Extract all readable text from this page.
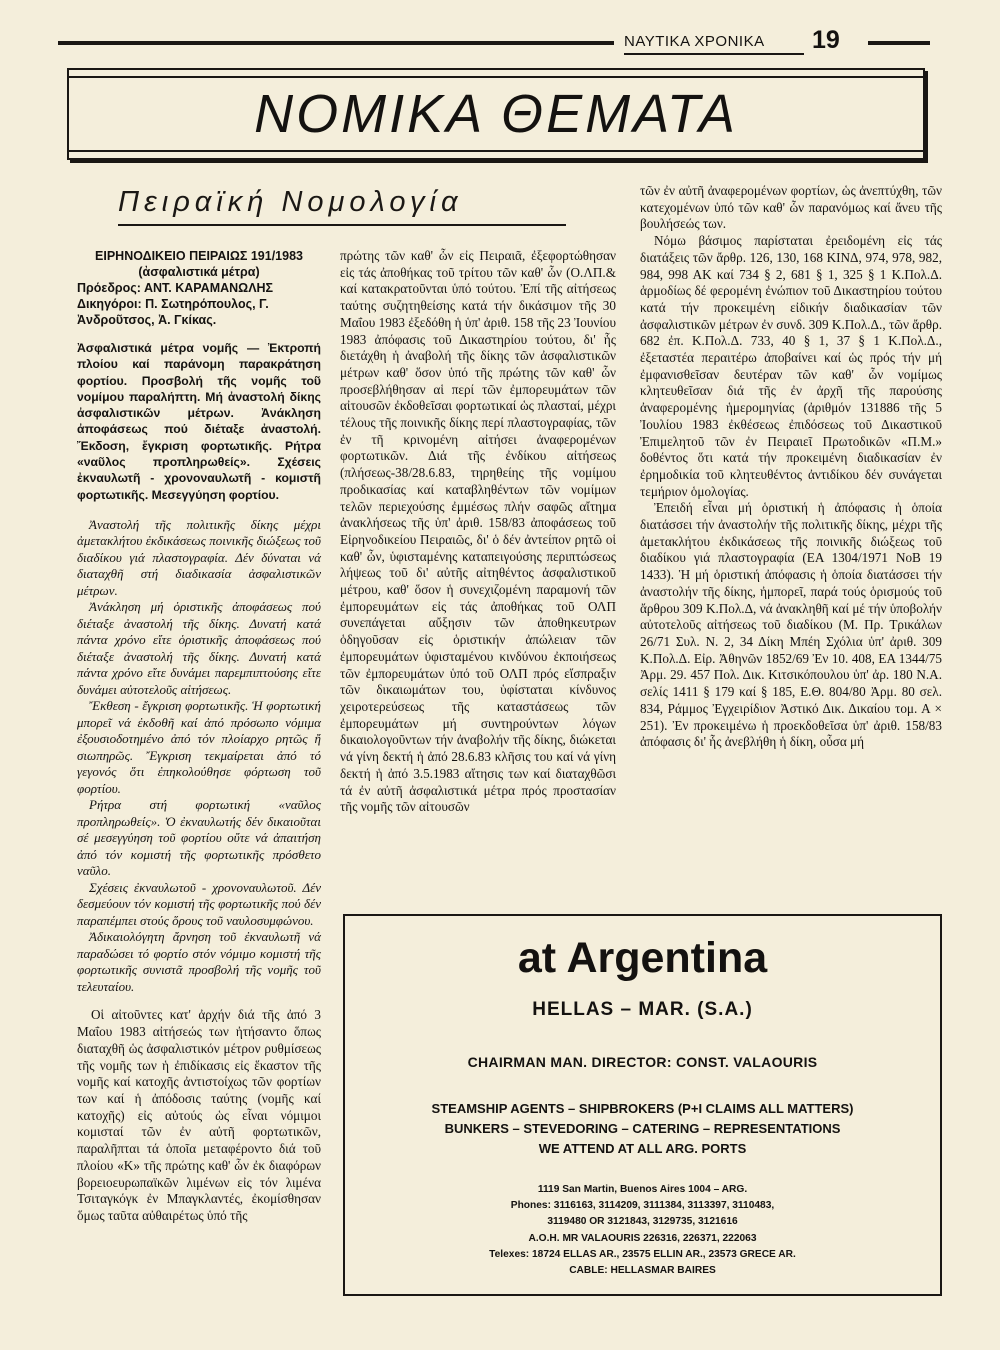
ΝΑΥΤΙΚΑ ΧΡΟΝΙΚΑ 19
ΝΟΜΙΚΑ ΘΕΜΑΤΑ
Πειραϊκή Νομολογία
ΕΙΡΗΝΟΔΙΚΕΙΟ ΠΕΙΡΑΙΩΣ 191/1983
(ἀσφαλιστικά μέτρα)
Πρόεδρος: ΑΝΤ. ΚΑΡΑΜΑΝΩΛΗΣ
Δικηγόροι: Π. Σωτηρόπουλος, Γ. Ἀνδροῦτσος, Ἀ. Γκίκας.
Ἀσφαλιστικά μέτρα νομῆς — Ἐκτροπή πλοίου καί παράνομη παρακράτηση φορτίου. Προσβολή τῆς νομῆς τοῦ νομίμου παραλήπτη. Μή ἀναστολή δίκης ἀσφαλιστικῶν μέτρων. Ἀνάκληση ἀποφάσεως πού διέταξε ἀναστολή. Ἔκδοση, ἔγκριση φορτωτικῆς. Ρήτρα «ναῦλος προπληρωθείς». Σχέσεις ἐκναυλωτῆ - χρονοναυλωτῆ - κομιστῆ φορτωτικῆς. Μεσεγγύηση φορτίου.

Ἀναστολή τῆς πολιτικῆς δίκης μέχρι ἀμετακλήτου ἐκδικάσεως ποινικῆς διώξεως τοῦ διαδίκου γιά πλαστογραφία. Δέν δύναται νά διαταχθῆ στή διαδικασία ἀσφαλιστικῶν μέτρων.

Ἀνάκληση μή ὁριστικῆς ἀποφάσεως πού διέταξε ἀναστολή τῆς δίκης. Δυνατή κατά πάντα χρόνο εἴτε ὁριστικῆς ἀποφάσεως πού διέταξε ἀναστολή τῆς δίκης. Δυνατή κατά πάντα χρόνο εἴτε δυνάμει παρεμπιπτούσης εἴτε δυνάμει αὐτοτελοῦς αἰτήσεως.

Ἔκθεση - ἔγκριση φορτωτικῆς. Ἡ φορτωτική μπορεῖ νά ἐκδοθῆ καί ἀπό πρόσωπο νόμιμα ἐξουσιοδοτημένο ἀπό τόν πλοίαρχο ρητῶς ἤ σιωπηρῶς. Ἔγκριση τεκμαίρεται ἀπό τό γεγονός ὅτι ἐπηκολούθησε φόρτωση τοῦ φορτίου.

Ρήτρα στή φορτωτική «ναῦλος προπληρωθείς». Ὁ ἐκναυλωτής δέν δικαιοῦται σέ μεσεγγύηση τοῦ φορτίου οὔτε νά ἀπαιτήση ἀπό τόν κομιστή τῆς φορτωτικῆς πρόσθετο ναῦλο.

Σχέσεις ἐκναυλωτοῦ - χρονοναυλωτοῦ. Δέν δεσμεύουν τόν κομιστή τῆς φορτωτικῆς πού δέν παραπέμπει στούς ὅρους τοῦ ναυλοσυμφώνου.

Ἀδικαιολόγητη ἄρνηση τοῦ ἐκναυλωτῆ νά παραδώσει τό φορτίο στόν νόμιμο κομιστή τῆς φορτωτικῆς συνιστᾶ προσβολή τῆς νομῆς τοῦ τελευταίου.

Οἱ αἰτοῦντες κατ' ἀρχήν διά τῆς ἀπό 3 Μαΐου 1983 αἰτήσεώς των ἠτήσαντο ὅπως διαταχθῆ ὡς ἀσφαλιστικόν μέτρον ρυθμίσεως τῆς νομῆς των ἡ ἐπιδίκασις εἰς ἕκαστον τῆς νομῆς καί κατοχῆς ἀντιστοίχως τῶν φορτίων των καί ἡ ἀπόδοσις ταύτης (νομῆς καί κατοχῆς) εἰς αὐτούς ὡς εἶναι νόμιμοι κομισταί τῶν ἐν αὐτῆ φορτωτικῶν, παραλῆπται τά ὁποῖα μεταφέροντο διά τοῦ πλοίου «Κ» τῆς πρώτης καθ' ὧν ἐκ διαφόρων βορειοευρωπαϊκῶν λιμένων εἰς τόν λιμένα Τσιταγκόγκ ἐν Μπαγκλαντές, ἐκομίσθησαν ὅμως ταῦτα αὐθαιρέτως ὑπό τῆς

πρώτης τῶν καθ' ὧν εἰς Πειραιᾶ, ἐξεφορτώθησαν εἰς τάς ἀποθήκας τοῦ τρίτου τῶν καθ' ὧν (Ο.ΛΠ.& καί κατακρατοῦνται ὑπό τούτου. Ἐπί τῆς αἰτήσεως ταύτης συζητηθείσης κατά τήν δικάσιμον τῆς 30 Μαΐου 1983 ἐξεδόθη ἡ ὑπ' ἀριθ. 158 τῆς 23 Ἰουνίου 1983 ἀπόφασις τοῦ Δικαστηρίου τούτου, δι' ἧς διετάχθη ἡ ἀναβολή τῆς δίκης τῶν ἀσφαλιστικῶν μέτρων καθ' ὅσον ὑπό τῆς πρώτης τῶν καθ' ὧν προσεβλήθησαν αἱ περί τῶν ἐμπορευμάτων τῶν αἰτουσῶν ἐκδοθεῖσαι φορτωτικαί ὡς πλασταί, μέχρι τέλους τῆς ποινικῆς δίκης περί πλαστογραφίας, τῶν ἐν τῆ κρινομένη αἰτήσει ἀναφερομένων φορτωτικῶν. Διά τῆς ἐνδίκου αἰτήσεως (πλήσεως-38/28.6.83, τηρηθείης τῆς νομίμου προδικασίας καί καταβληθέντων τῶν νομίμων τελῶν περιεχούσης ἐμμέσως πλήν σαφῶς αἴτημα ἀνακλήσεως τῆς ὑπ' ἀριθ. 158/83 ἀποφάσεως τοῦ Εἰρηνοδικείου Πειραιῶς, δι' ὁ δέν ἀντείπον ρητῶ οἱ καθ' ὧν, ὑφισταμένης καταπειγούσης περιπτώσεως λήψεως τοῦ δι' αὐτῆς αἰτηθέντος ἀσφαλιστικοῦ μέτρου, καθ' ὅσον ἡ συνεχιζομένη παραμονή τῶν ἐμπορευμάτων εἰς τάς ἀποθήκας τοῦ ΟΛΠ συνεπάγεται αὔξησιν τῶν ἀποθηκευτρων ὁδηγοῦσαν εἰς ὁριστικήν ἀπώλειαν τῶν ἐμπορευμάτων ὑφισταμένου κινδύνου ἐκποιήσεως τῶν ἐμπορευμάτων ὑπό τοῦ ΟΛΠ πρός εἴσπραξιν τῶν δικαιωμάτων του, ὑφίσταται κίνδυνος χειροτερεύσεως τῆς καταστάσεως τῶν ἐμπορευμάτων μή συντηρούντων λόγων δικαιολογοῦντων τήν ἀναβολήν τῆς δίκης, διώκεται νά γίνη δεκτή ἡ ἀπό 28.6.83 κλῆσις του καί νά γίνη δεκτή ἡ ἀπό 3.5.1983 αἴτησις των καί διαταχθῶσι τά ἐν αὐτῆ ἀσφαλιστικά μέτρα πρός προστασίαν τῆς νομῆς τῶν αἰτουσῶν

τῶν ἐν αὐτῆ ἀναφερομένων φορτίων, ὡς ἀνεπτύχθη, τῶν κατεχομένων ὑπό τῶν καθ' ὧν παρανόμως καί ἄνευ τῆς βουλήσεώς των.

Νόμω βάσιμος παρίσταται ἐρειδομένη εἰς τάς διατάξεις τῶν ἄρθρ. 126, 130, 168 ΚΙΝΔ, 974, 978, 982, 984, 998 ΑΚ καί 734 § 2, 681 § 1, 325 § 1 Κ.Πολ.Δ. ἁρμοδίως δέ φερομένη ἐνώπιον τοῦ Δικαστηρίου τούτου κατά τήν προκειμένη εἰδικήν διαδικασίαν τῶν ἀσφαλιστικῶν μέτρων ἐν συνδ. 309 Κ.Πολ.Δ., τῶν ἄρθρ. 682 ἐπ. Κ.Πολ.Δ. 733, 40 § 1, 37 § 1 Κ.Πολ.Δ., ἐξεταστέα περαιτέρω ἀποβαίνει καί ὡς πρός τήν μή ἐμφανισθεῖσαν δευτέραν τῶν καθ' ὧν νομίμως κλητευθεῖσαν διά τῆς ἐν ἀρχῆ τῆς παρούσης ἀναφερομένης ἡμερομηνίας (ἀριθμόν 131886 τῆς 5 Ἰουλίου 1983 ἐκθέσεως ἐπιδόσεως τοῦ Δικαστικοῦ Ἐπιμελητοῦ τῶν ἐν Πειραιεῖ Πρωτοδικῶν «Π.Μ.» δοθέντος ὅτι κατά τήν προκειμένη διαδικασίαν ἐν ἐρημοδικία τοῦ κλητευθέντος ἀντιδίκου δέν συνάγεται τεμήριον ὁμολογίας.

Ἐπειδή εἶναι μή ὁριστική ἡ ἀπόφασις ἡ ὁποία διατάσσει τήν ἀναστολήν τῆς πολιτικῆς δίκης, μέχρι τῆς ἀμετακλήτου ἐκδικάσεως τῆς ποινικῆς διώξεως τοῦ διαδίκου γιά πλαστογραφία (ΕΑ 1304/1971 ΝοΒ 19 1433). Ἡ μή ὁριστική ἀπόφασις ἡ ὁποία διατάσσει τήν ἀναστολήν τῆς δίκης, ἠμπορεῖ, παρά τούς ὁρισμούς τοῦ ἄρθρου 309 Κ.Πολ.Δ, νά ἀνακληθῆ καί μέ τήν ὑποβολήν αὐτοτελοῦς αἰτήσεως τοῦ διαδίκου (Μ. Πρ. Τρικάλων 26/71 Συλ. Ν. 2, 34 Δίκη Μπέη Σχόλια ὑπ' ἀριθ. 309 Κ.Πολ.Δ. Εἰρ. Ἀθηνῶν 1852/69 Ἐν 10. 408, ΕΑ 1344/75 Ἀρμ. 29. 457 Πολ. Δικ. Κιτσικόπουλου ὑπ' ἀρ. 180 Ν.Α. σελίς 1411 § 179 καί § 185, Ε.Θ. 804/80 Ἀρμ. 80 σελ. 834, Ράμμος Ἐγχειρίδιον Ἀστικό Δικ. Δικαίου τομ. Α × 251). Ἐν προκειμένω ἡ προεκδοθεῖσα ὑπ' ἀριθ. 158/83 ἀπόφασις δι' ἧς ἀνεβλήθη ἡ δίκη, οὖσα μή

at Argentina
HELLAS – MAR. (S.A.)
CHAIRMAN MAN. DIRECTOR: CONST. VALAOURIS
STEAMSHIP AGENTS – SHIPBROKERS (P+I CLAIMS ALL MATTERS)
BUNKERS – STEVEDORING – CATERING – REPRESENTATIONS
WE ATTEND AT ALL ARG. PORTS
1119 San Martin, Buenos Aires 1004 – ARG.
Phones: 3116163, 3114209, 3111384, 3113397, 3110483,
3119480 OR 3121843, 3129735, 3121616
A.O.H. MR VALAOURIS 226316, 226371, 222063
Telexes: 18724 ELLAS AR., 23575 ELLIN AR., 23573 GRECE AR.
CABLE: HELLASMAR BAIRES
